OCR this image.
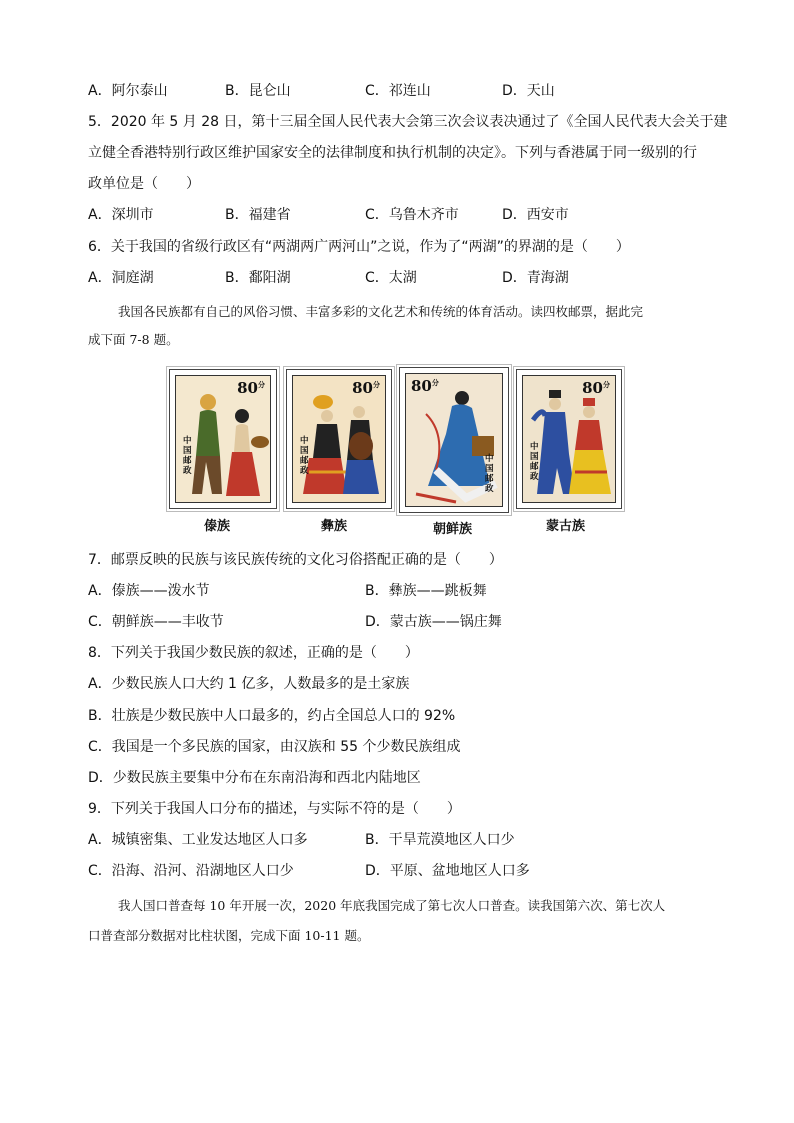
A．阿尔泰山	B．昆仑山	C．祁连山	D．天山
5．2020 年 5 月 28 日，第十三届全国人民代表大会第三次会议表决通过了《全国人民代表大会关于建
立健全香港特别行政区维护国家安全的法律制度和执行机制的决定》。下列与香港属于同一级别的行
政单位是（　　）
A．深圳市	B．福建省	C．乌鲁木齐市	D．西安市
6．关于我国的省级行政区有“两湖两广两河山”之说，作为了“两湖”的界湖的是（　　）
A．洞庭湖	B．鄱阳湖	C．太湖	D．青海湖
我国各民族都有自己的风俗习惯、丰富多彩的文化艺术和传统的体育活动。读四枚邮票，据此完
成下面 7-8 题。
$80^分$
中国邮政
傣族
$80^分$
中国邮政
彝族
$80^分$
中国邮政
朝鲜族
$80^分$
中国邮政
蒙古族
7．邮票反映的民族与该民族传统的文化习俗搭配正确的是（　　）
A．傣族——泼水节	B．彝族——跳板舞
C．朝鲜族——丰收节	D．蒙古族——锅庄舞
8．下列关于我国少数民族的叙述，正确的是（　　）
A．少数民族人口大约 1 亿多，人数最多的是土家族
B．壮族是少数民族中人口最多的，约占全国总人口的 92%
C．我国是一个多民族的国家，由汉族和 55 个少数民族组成
D．少数民族主要集中分布在东南沿海和西北内陆地区
9．下列关于我国人口分布的描述，与实际不符的是（　　）
A．城镇密集、工业发达地区人口多	B．干旱荒漠地区人口少
C．沿海、沿河、沿湖地区人口少	D．平原、盆地地区人口多
我人国口普查每 10 年开展一次，2020 年底我国完成了第七次人口普查。读我国第六次、第七次人
口普查部分数据对比柱状图，完成下面 10-11 题。
